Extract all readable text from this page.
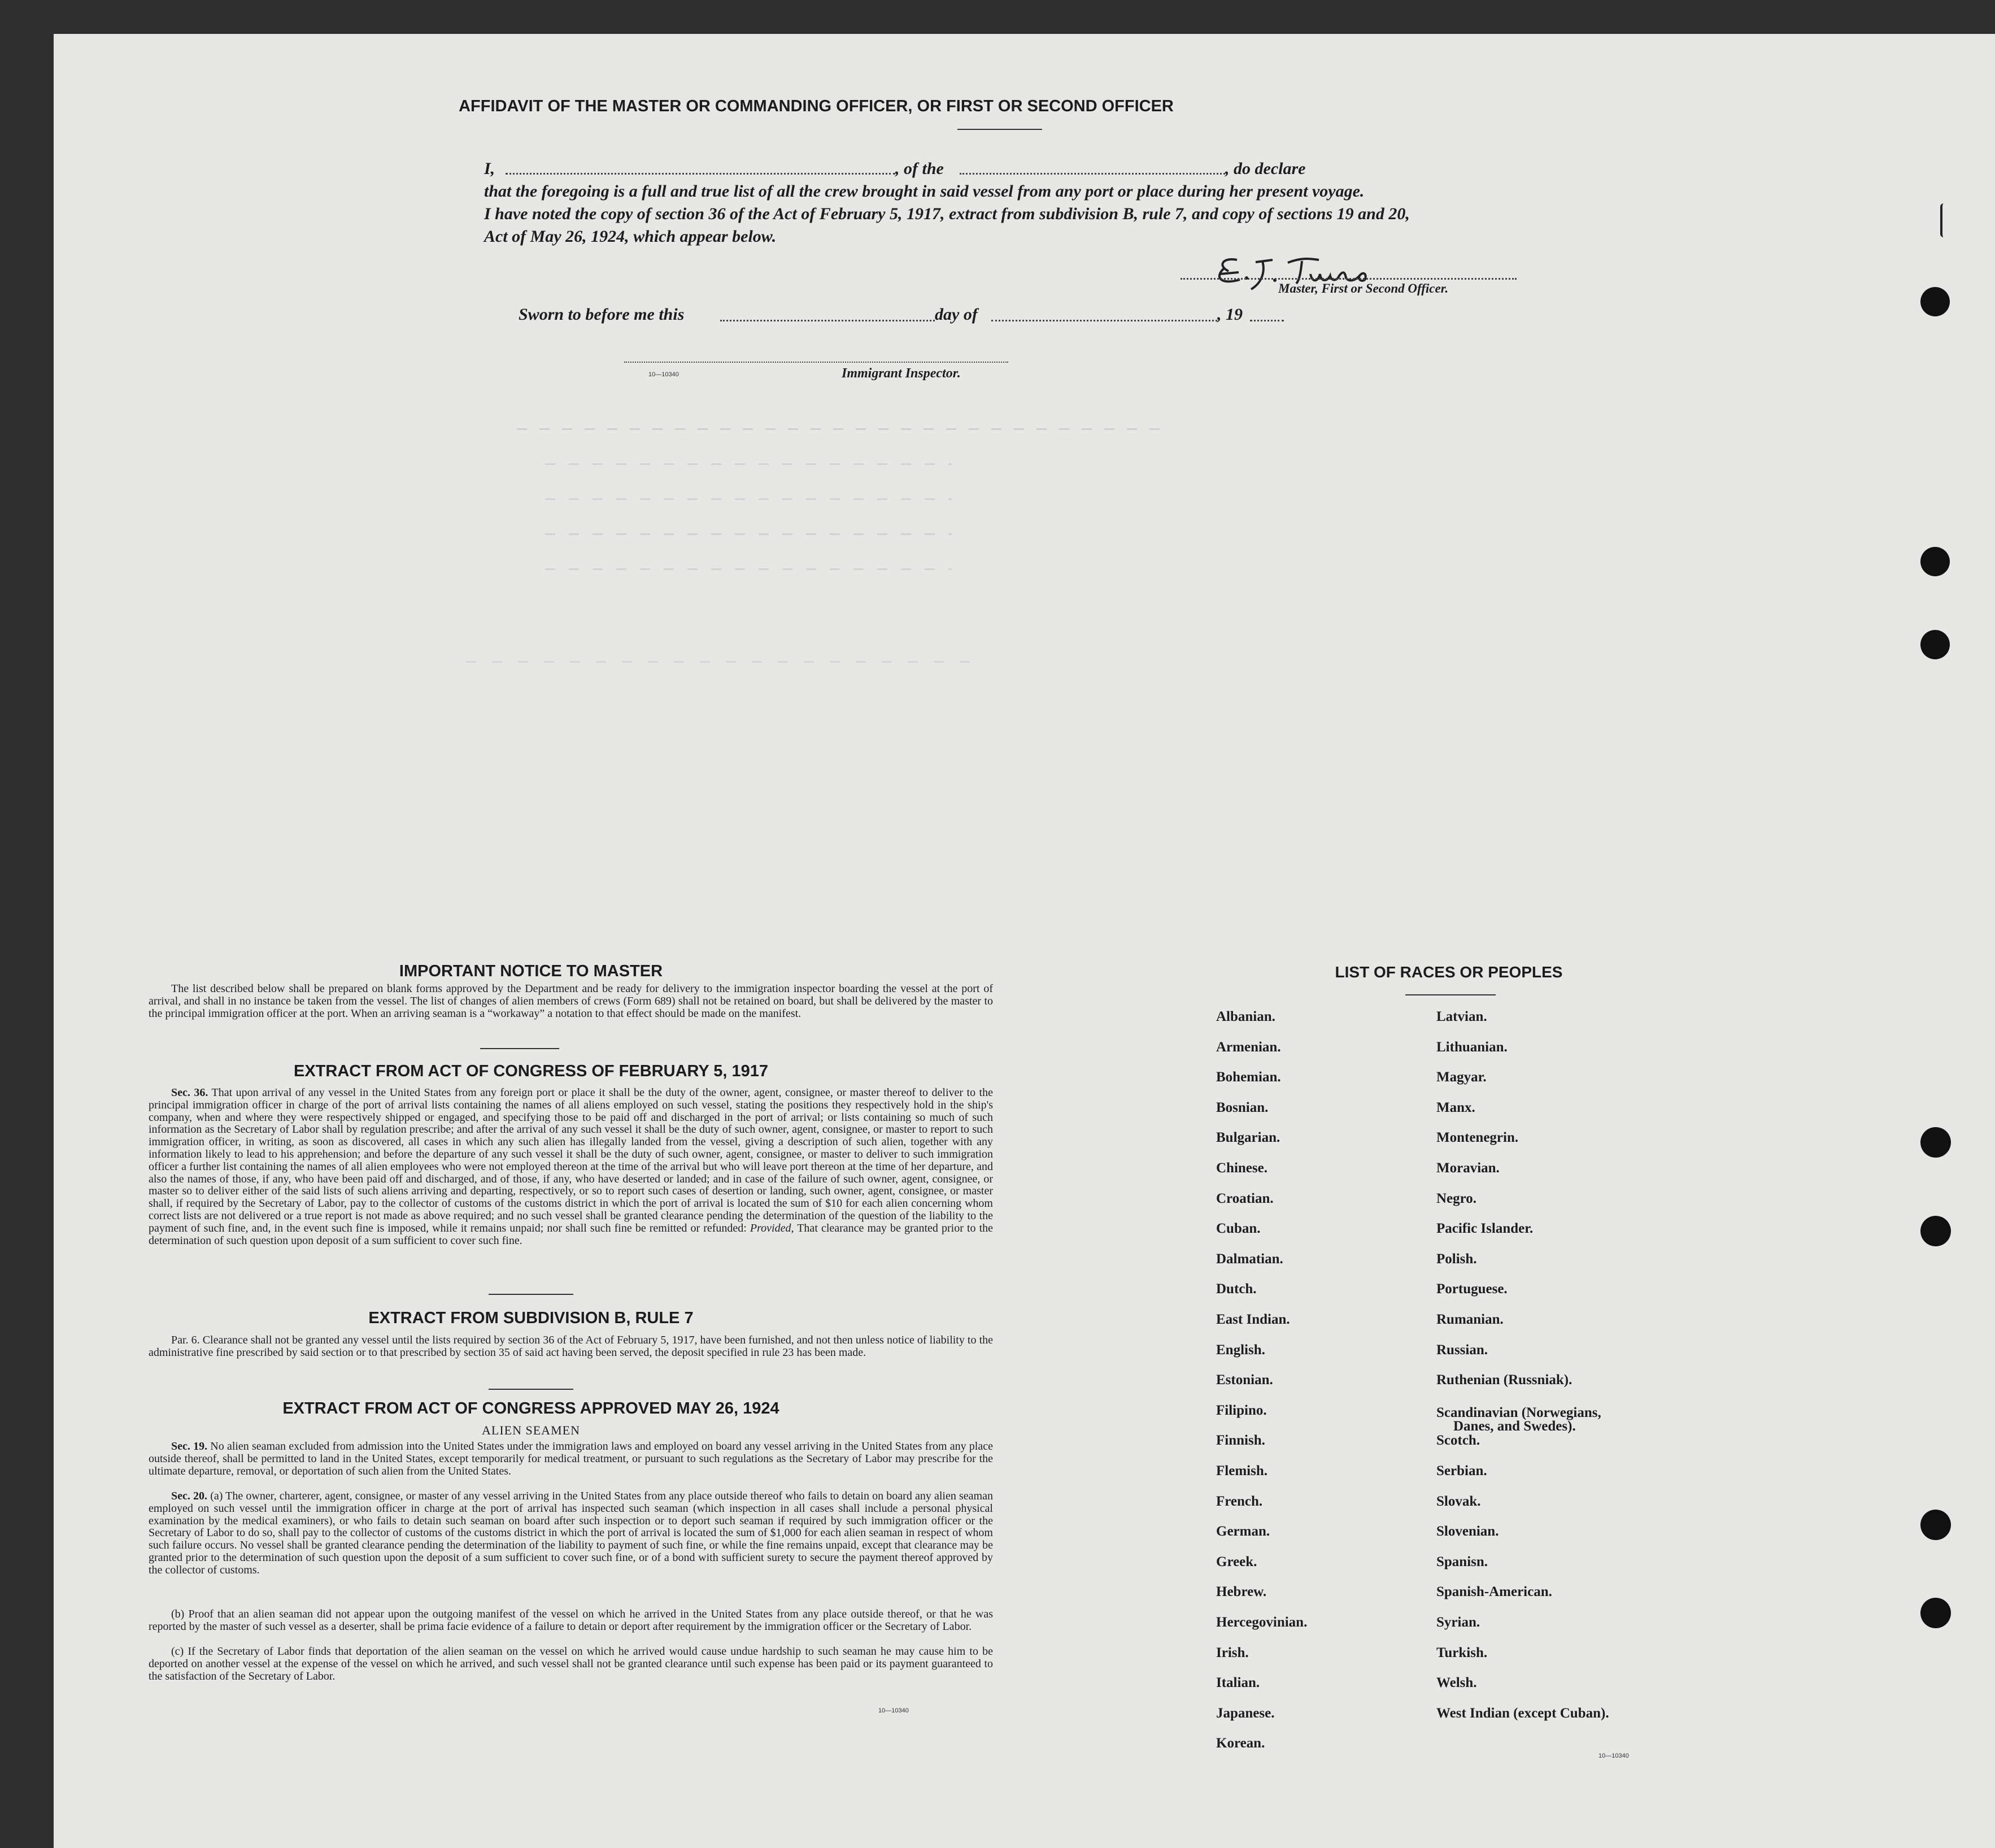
AFFIDAVIT OF THE MASTER OR COMMANDING OFFICER, OR FIRST OR SECOND OFFICER
I,	, of the	, do declare
that the foregoing is a full and true list of all the crew brought in said vessel from any port or place during her present voyage.
I have noted the copy of section 36 of the Act of February 5, 1917, extract from subdivision B, rule 7, and copy of sections 19 and 20,
Act of May 26, 1924, which appear below.
Master, First or Second Officer.
Sworn to before me this	day of	, 19
10—10340	Immigrant Inspector.
IMPORTANT NOTICE TO MASTER

The list described below shall be prepared on blank forms approved by the Department and be ready for delivery to the immigration inspector boarding the vessel at the port of arrival, and shall in no instance be taken from the vessel. The list of changes of alien members of crews (Form 689) shall not be retained on board, but shall be delivered by the master to the principal immigration officer at the port. When an arriving seaman is a “workaway” a notation to that effect should be made on the manifest.

EXTRACT FROM ACT OF CONGRESS OF FEBRUARY 5, 1917

Sec. 36. That upon arrival of any vessel in the United States from any foreign port or place it shall be the duty of the owner, agent, consignee, or master thereof to deliver to the principal immigration officer in charge of the port of arrival lists containing the names of all aliens employed on such vessel, stating the positions they respectively hold in the ship's company, when and where they were respectively shipped or engaged, and specifying those to be paid off and discharged in the port of arrival; or lists containing so much of such information as the Secretary of Labor shall by regulation prescribe; and after the arrival of any such vessel it shall be the duty of such owner, agent, consignee, or master to report to such immigration officer, in writing, as soon as discovered, all cases in which any such alien has illegally landed from the vessel, giving a description of such alien, together with any information likely to lead to his apprehension; and before the departure of any such vessel it shall be the duty of such owner, agent, consignee, or master to deliver to such immigration officer a further list containing the names of all alien employees who were not employed thereon at the time of the arrival but who will leave port thereon at the time of her departure, and also the names of those, if any, who have been paid off and discharged, and of those, if any, who have deserted or landed; and in case of the failure of such owner, agent, consignee, or master so to deliver either of the said lists of such aliens arriving and departing, respectively, or so to report such cases of desertion or landing, such owner, agent, consignee, or master shall, if required by the Secretary of Labor, pay to the collector of customs of the customs district in which the port of arrival is located the sum of $10 for each alien concerning whom correct lists are not delivered or a true report is not made as above required; and no such vessel shall be granted clearance pending the determination of the question of the liability to the payment of such fine, and, in the event such fine is imposed, while it remains unpaid; nor shall such fine be remitted or refunded: Provided, That clearance may be granted prior to the determination of such question upon deposit of a sum sufficient to cover such fine.

EXTRACT FROM SUBDIVISION B, RULE 7

Par. 6. Clearance shall not be granted any vessel until the lists required by section 36 of the Act of February 5, 1917, have been furnished, and not then unless notice of liability to the administrative fine prescribed by said section or to that prescribed by section 35 of said act having been served, the deposit specified in rule 23 has been made.

EXTRACT FROM ACT OF CONGRESS APPROVED MAY 26, 1924
ALIEN SEAMEN

Sec. 19. No alien seaman excluded from admission into the United States under the immigration laws and employed on board any vessel arriving in the United States from any place outside thereof, shall be permitted to land in the United States, except temporarily for medical treatment, or pursuant to such regulations as the Secretary of Labor may prescribe for the ultimate departure, removal, or deportation of such alien from the United States.

Sec. 20. (a) The owner, charterer, agent, consignee, or master of any vessel arriving in the United States from any place outside thereof who fails to detain on board any alien seaman employed on such vessel until the immigration officer in charge at the port of arrival has inspected such seaman (which inspection in all cases shall include a personal physical examination by the medical examiners), or who fails to detain such seaman on board after such inspection or to deport such seaman if required by such immigration officer or the Secretary of Labor to do so, shall pay to the collector of customs of the customs district in which the port of arrival is located the sum of $1,000 for each alien seaman in respect of whom such failure occurs. No vessel shall be granted clearance pending the determination of the liability to payment of such fine, or while the fine remains unpaid, except that clearance may be granted prior to the determination of such question upon the deposit of a sum sufficient to cover such fine, or of a bond with sufficient surety to secure the payment thereof approved by the collector of customs.

(b) Proof that an alien seaman did not appear upon the outgoing manifest of the vessel on which he arrived in the United States from any place outside thereof, or that he was reported by the master of such vessel as a deserter, shall be prima facie evidence of a failure to detain or deport after requirement by the immigration officer or the Secretary of Labor.

(c) If the Secretary of Labor finds that deportation of the alien seaman on the vessel on which he arrived would cause undue hardship to such seaman he may cause him to be deported on another vessel at the expense of the vessel on which he arrived, and such vessel shall not be granted clearance until such expense has been paid or its payment guaranteed to the satisfaction of the Secretary of Labor.

10—10340
LIST OF RACES OR PEOPLES
10—10340
Albanian.
Armenian.
Bohemian.
Bosnian.
Bulgarian.
Chinese.
Croatian.
Cuban.
Dalmatian.
Dutch.
East Indian.
English.
Estonian.
Filipino.
Finnish.
Flemish.
French.
German.
Greek.
Hebrew.
Hercegovinian.
Irish.
Italian.
Japanese.
Korean.
Latvian.
Lithuanian.
Magyar.
Manx.
Montenegrin.
Moravian.
Negro.
Pacific Islander.
Polish.
Portuguese.
Rumanian.
Russian.
Ruthenian (Russniak).
Scandinavian (Norwegians,
Danes, and Swedes).
Scotch.
Serbian.
Slovak.
Slovenian.
Spanisn.
Spanish-American.
Syrian.
Turkish.
Welsh.
West Indian (except Cuban).
